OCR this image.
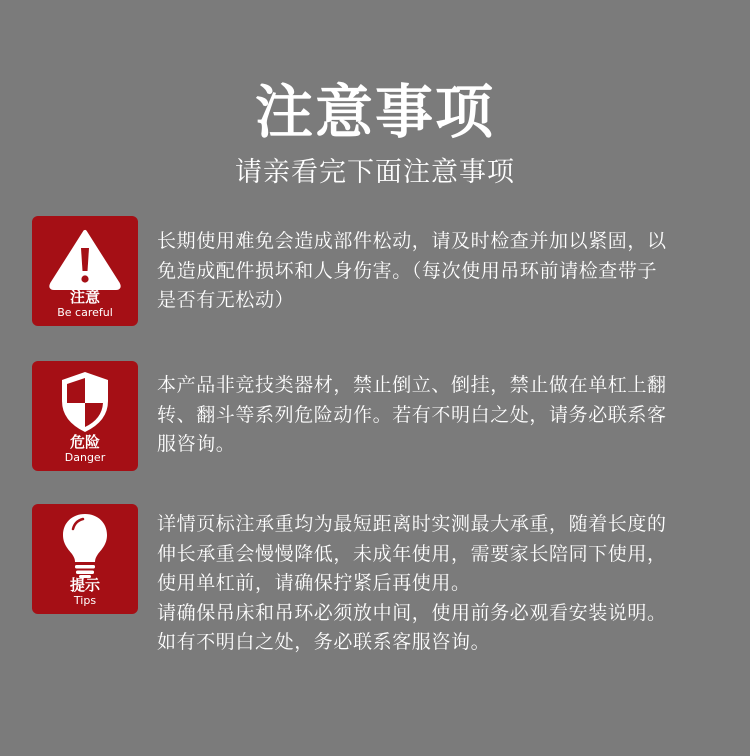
注意事项
请亲看完下面注意事项
注意
Be careful

长期使用难免会造成部件松动，请及时检查并加以紧固，以

免造成配件损坏和人身伤害。（每次使用吊环前请检查带子

是否有无松动）

危险
Danger

本产品非竞技类器材，禁止倒立、倒挂，禁止做在单杠上翻

转、翻斗等系列危险动作。若有不明白之处，请务必联系客

服咨询。

提示
Tips

详情页标注承重均为最短距离时实测最大承重，随着长度的

伸长承重会慢慢降低，未成年使用，需要家长陪同下使用，

使用单杠前，请确保拧紧后再使用。

请确保吊床和吊环必须放中间，使用前务必观看安装说明。

如有不明白之处，务必联系客服咨询。
